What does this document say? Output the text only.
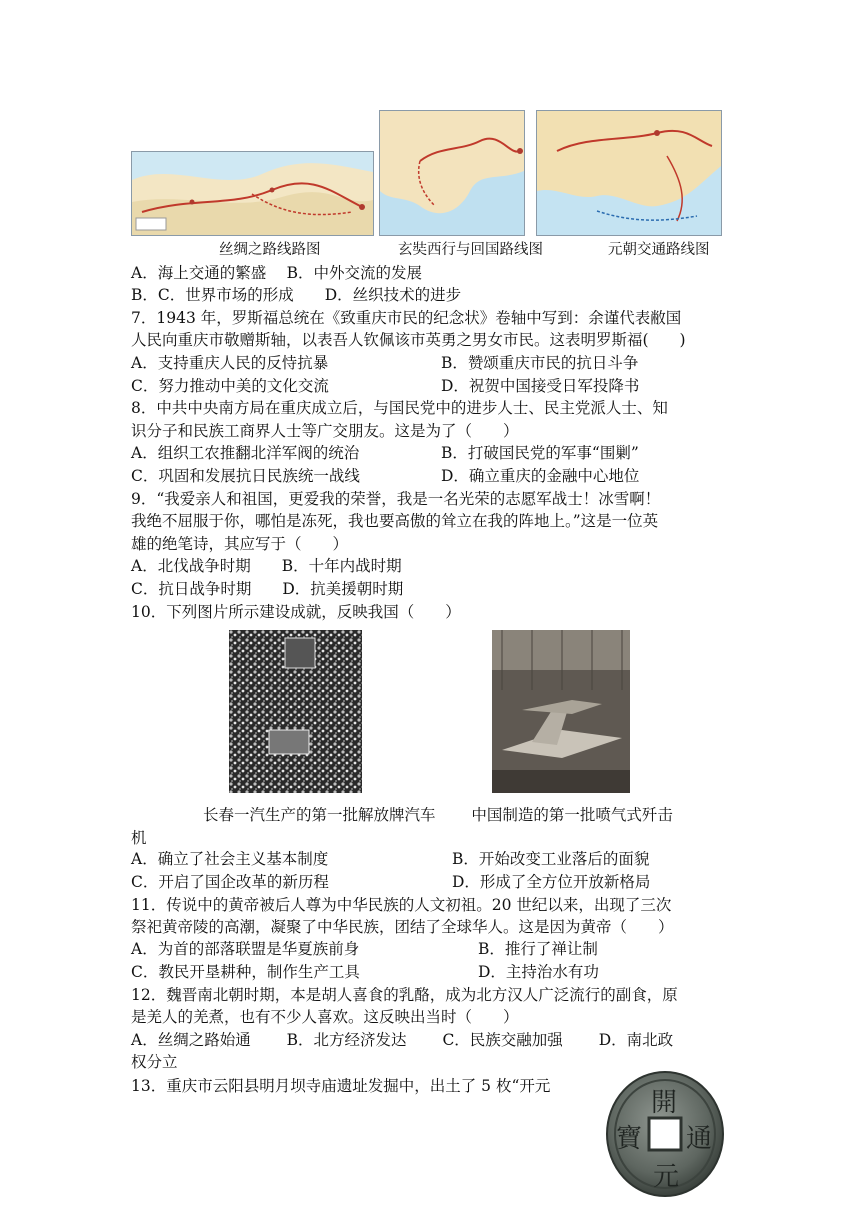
丝绸之路线路图	玄奘西行与回国路线图	元朝交通路线图
A．海上交通的繁盛　 B．中外交流的发展
B．C．世界市场的形成　　D．丝织技术的进步
7．1943 年，罗斯福总统在《致重庆市民的纪念状》卷轴中写到：余谨代表敝国
人民向重庆市敬赠斯轴，以表吾人钦佩该市英勇之男女市民。这表明罗斯福(　　)
A．支持重庆人民的反恃抗暴	B．赞颂重庆市民的抗日斗争
C．努力推动中美的文化交流	D．祝贺中国接受日军投降书
8．中共中央南方局在重庆成立后，与国民党中的进步人士、民主党派人士、知
识分子和民族工商界人士等广交朋友。这是为了（　　）
A．组织工农推翻北洋军阀的统治	B．打破国民党的军事“围剿”
C．巩固和发展抗日民族统一战线	D．确立重庆的金融中心地位
9．“我爱亲人和祖国，更爱我的荣誉，我是一名光荣的志愿军战士！冰雪啊！
我绝不屈服于你，哪怕是冻死，我也要高傲的耸立在我的阵地上。”这是一位英
雄的绝笔诗，其应写于（　　）
A．北伐战争时期　　B．十年内战时期
C．抗日战争时期　　D．抗美援朝时期
10．下列图片所示建设成就，反映我国（　　）
长春一汽生产的第一批解放牌汽车　　 中国制造的第一批喷气式歼击
机
A．确立了社会主义基本制度	B．开始改变工业落后的面貌
C．开启了国企改革的新历程	D．形成了全方位开放新格局
11．传说中的黄帝被后人尊为中华民族的人文初祖。20 世纪以来，出现了三次
祭祀黄帝陵的高潮，凝聚了中华民族，团结了全球华人。这是因为黄帝（　　）
A．为首的部落联盟是华夏族前身	B．推行了禅让制
C．教民开垦耕种，制作生产工具	D．主持治水有功
12．魏晋南北朝时期，本是胡人喜食的乳酪，成为北方汉人广泛流行的副食，原
是羌人的羌煮，也有不少人喜欢。这反映出当时（　　）
A．丝绸之路始通　　 B．北方经济发达　　 C．民族交融加强　　 D．南北政
权分立
13．重庆市云阳县明月坝寺庙遗址发掘中，出土了 5 枚“开元
開
元
通
寶
